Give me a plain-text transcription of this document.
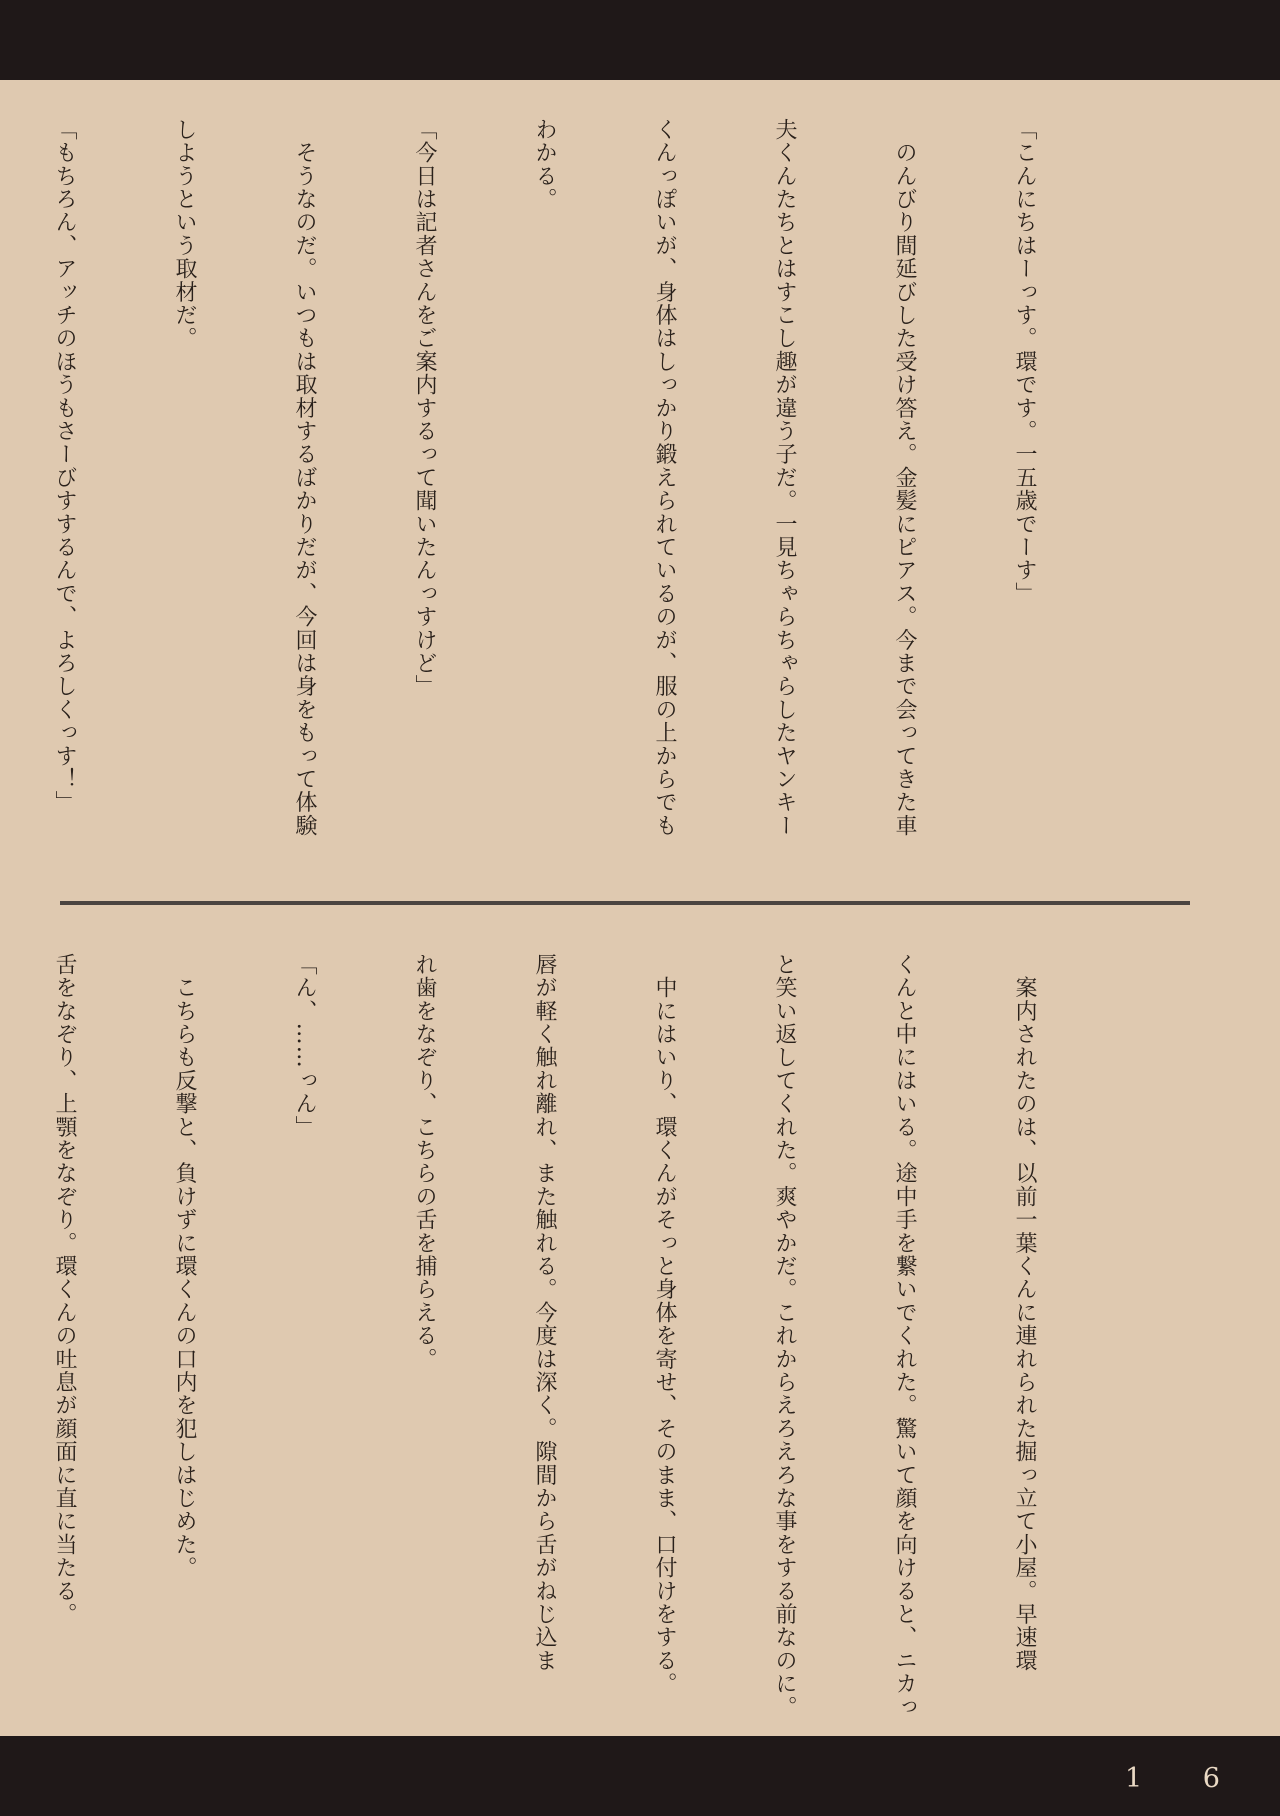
「こんにちはーっす。環です。一五歳でーす」

　のんびり間延びした受け答え。金髪にピアス。今まで会ってきた車

夫くんたちとはすこし趣が違う子だ。一見ちゃらちゃらしたヤンキー

くんっぽいが、身体はしっかり鍛えられているのが、服の上からでも

わかる。

「今日は記者さんをご案内するって聞いたんっすけど」

　そうなのだ。いつもは取材するばかりだが、今回は身をもって体験

しようという取材だ。

「もちろん、アッチのほうもさーびすするんで、よろしくっす！」

　案内されたのは、以前一葉くんに連れられた掘っ立て小屋。早速環

くんと中にはいる。途中手を繋いでくれた。驚いて顔を向けると、ニカっ

と笑い返してくれた。爽やかだ。これからえろえろな事をする前なのに。

　中にはいり、環くんがそっと身体を寄せ、そのまま、口付けをする。

唇が軽く触れ離れ、また触れる。今度は深く。隙間から舌がねじ込ま

れ歯をなぞり、こちらの舌を捕らえる。

「ん、……っん」

　こちらも反撃と、負けずに環くんの口内を犯しはじめた。

舌をなぞり、上顎をなぞり。環くんの吐息が顔面に直に当たる。

1 6
